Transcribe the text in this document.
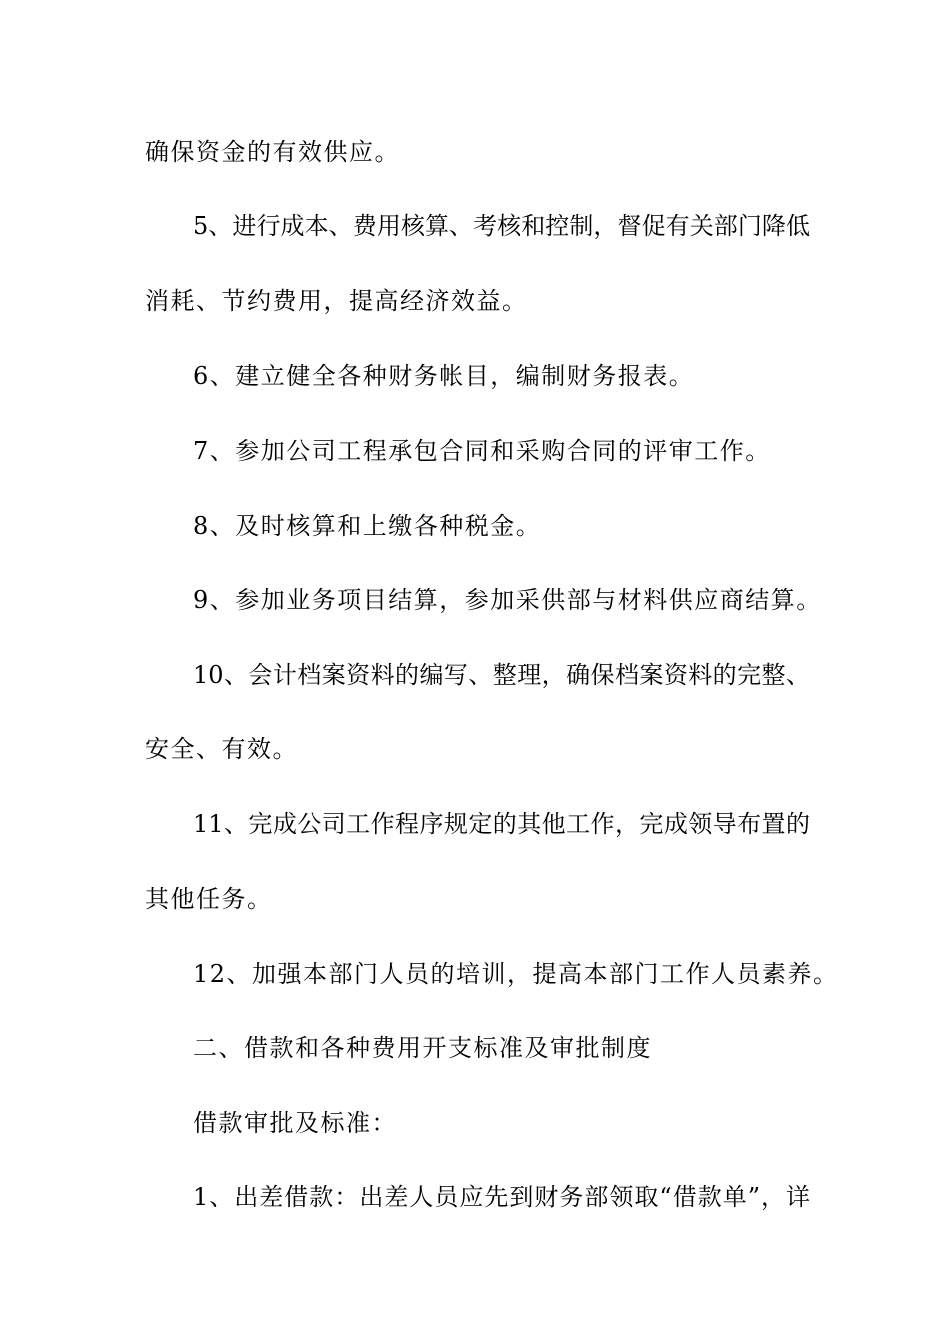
确保资金的有效供应。
5、进行成本、费用核算、考核和控制，督促有关部门降低
消耗、节约费用，提高经济效益。
6、建立健全各种财务帐目，编制财务报表。
7、参加公司工程承包合同和采购合同的评审工作。
8、及时核算和上缴各种税金。
9、参加业务项目结算，参加采供部与材料供应商结算。
10、会计档案资料的编写、整理，确保档案资料的完整、
安全、有效。
11、完成公司工作程序规定的其他工作，完成领导布置的
其他任务。
12、加强本部门人员的培训，提高本部门工作人员素养。
二、借款和各种费用开支标准及审批制度
借款审批及标准：
1、出差借款：出差人员应先到财务部领取“借款单”，详
